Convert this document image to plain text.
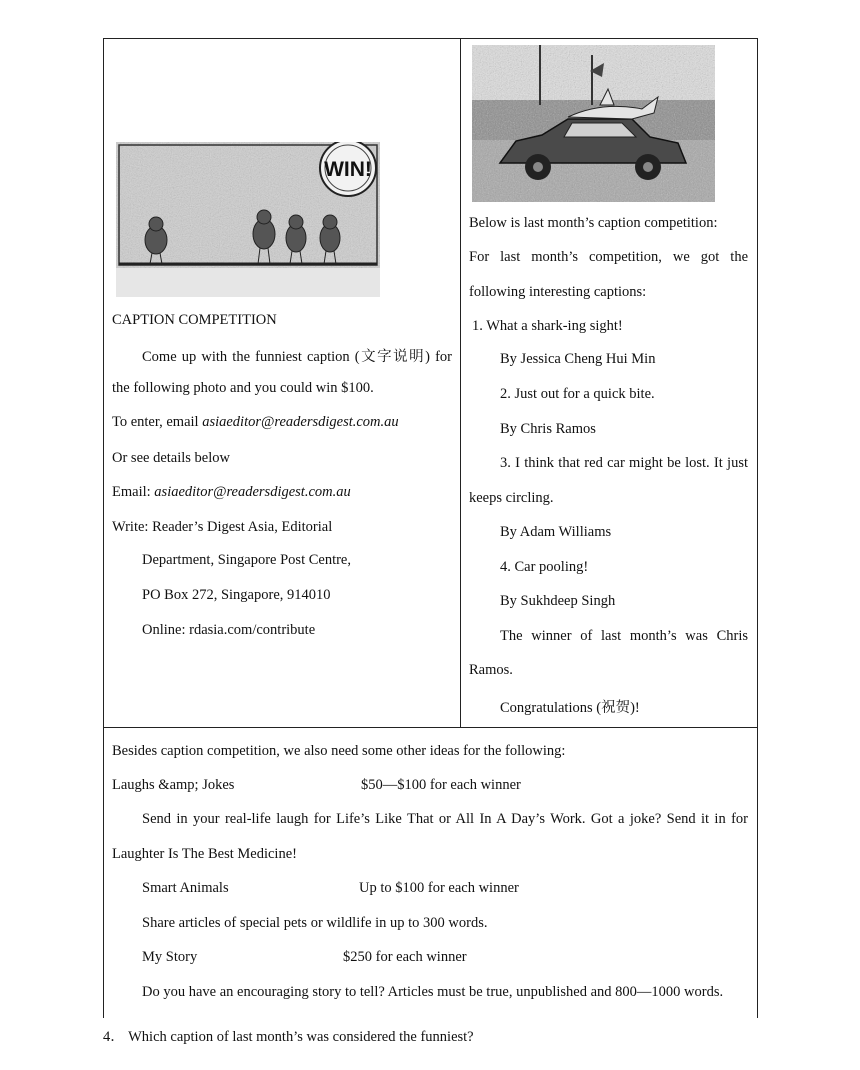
WIN!
CAPTION COMPETITION
Come up with the funniest caption (文字说明) for
the following photo and you could win $100.
To enter, email asiaeditor@readersdigest.com.au
Or see details below
Email: asiaeditor@readersdigest.com.au
Write: Reader’s Digest Asia, Editorial
Department, Singapore Post Centre,
PO Box 272, Singapore, 914010
Online: rdasia.com/contribute
Below is last month’s caption competition:
For last month’s competition, we got the
following interesting captions:
1. What a shark-ing sight!
By Jessica Cheng Hui Min
2. Just out for a quick bite.
By Chris Ramos
3. I think that red car might be lost. It just
keeps circling.
By Adam Williams
4. Car pooling!
By Sukhdeep Singh
The winner of last month’s was Chris
Ramos.
Congratulations (祝贺)!
Besides caption competition, we also need some other ideas for the following:
Laughs &amp; Jokes	$50—$100 for each winner
Send in your real-life laugh for Life’s Like That or All In A Day’s Work. Got a joke? Send it in for
Laughter Is The Best Medicine!
Smart Animals	Up to $100 for each winner
Share articles of special pets or wildlife in up to 300 words.
My Story	$250 for each winner
Do you have an encouraging story to tell? Articles must be true, unpublished and 800—1000 words.
4． Which caption of last month’s was considered the funniest?
